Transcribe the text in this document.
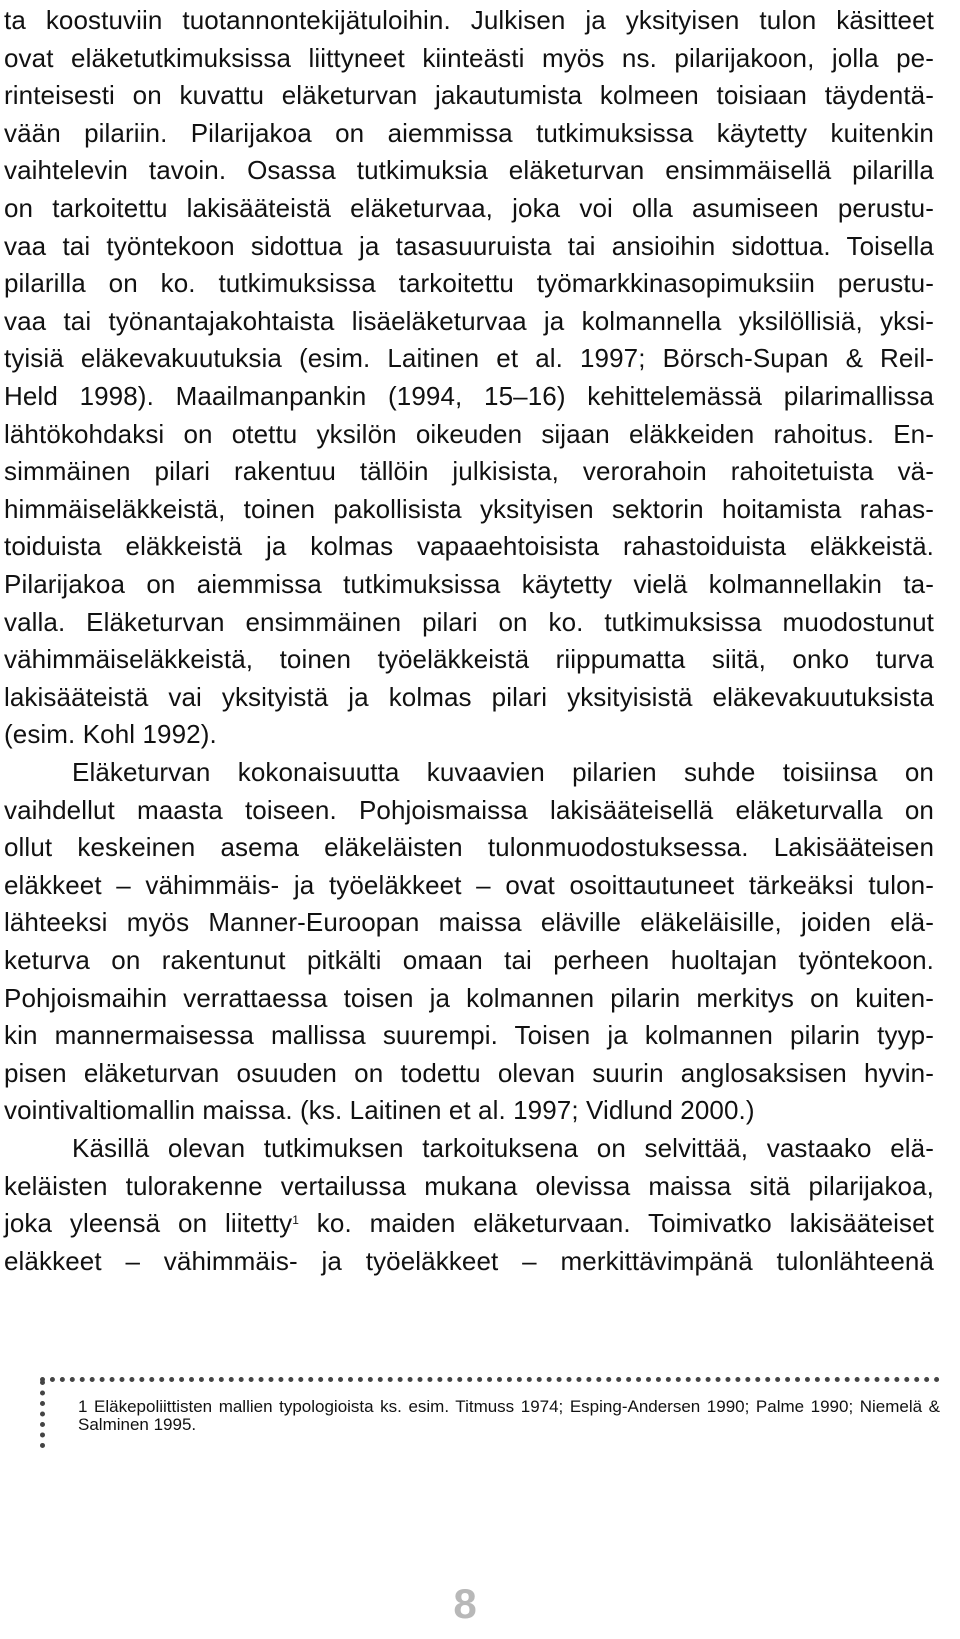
ta koostuviin tuotannontekijätuloihin. Julkisen ja yksityisen tulon käsitteet
ovat eläketutkimuksissa liittyneet kiinteästi myös ns. pilarijakoon, jolla pe-
rinteisesti on kuvattu eläketurvan jakautumista kolmeen toisiaan täydentä-
vään pilariin. Pilarijakoa on aiemmissa tutkimuksissa käytetty kuitenkin
vaihtelevin tavoin. Osassa tutkimuksia eläketurvan ensimmäisellä pilarilla
on tarkoitettu lakisääteistä eläketurvaa, joka voi olla asumiseen perustu-
vaa tai työntekoon sidottua ja tasasuuruista tai ansioihin sidottua. Toisella
pilarilla on ko. tutkimuksissa tarkoitettu työmarkkinasopimuksiin perustu-
vaa tai työnantajakohtaista lisäeläketurvaa ja kolmannella yksilöllisiä, yksi-
tyisiä eläkevakuutuksia (esim. Laitinen et al. 1997; Börsch-Supan & Reil-
Held 1998). Maailmanpankin (1994, 15–16) kehittelemässä pilarimallissa
lähtökohdaksi on otettu yksilön oikeuden sijaan eläkkeiden rahoitus. En-
simmäinen pilari rakentuu tällöin julkisista, verorahoin rahoitetuista vä-
himmäiseläkkeistä, toinen pakollisista yksityisen sektorin hoitamista rahas-
toiduista eläkkeistä ja kolmas vapaaehtoisista rahastoiduista eläkkeistä.
Pilarijakoa on aiemmissa tutkimuksissa käytetty vielä kolmannellakin ta-
valla. Eläketurvan ensimmäinen pilari on ko. tutkimuksissa muodostunut
vähimmäiseläkkeistä, toinen työeläkkeistä riippumatta siitä, onko turva
lakisääteistä vai yksityistä ja kolmas pilari yksityisistä eläkevakuutuksista
(esim. Kohl 1992).
Eläketurvan kokonaisuutta kuvaavien pilarien suhde toisiinsa on
vaihdellut maasta toiseen. Pohjoismaissa lakisääteisellä eläketurvalla on
ollut keskeinen asema eläkeläisten tulonmuodostuksessa. Lakisääteisen
eläkkeet – vähimmäis- ja työeläkkeet – ovat osoittautuneet tärkeäksi tulon-
lähteeksi myös Manner-Euroopan maissa eläville eläkeläisille, joiden elä-
keturva on rakentunut pitkälti omaan tai perheen huoltajan työntekoon.
Pohjoismaihin verrattaessa toisen ja kolmannen pilarin merkitys on kuiten-
kin mannermaisessa mallissa suurempi. Toisen ja kolmannen pilarin tyyp-
pisen eläketurvan osuuden on todettu olevan suurin anglosaksisen hyvin-
vointivaltiomallin maissa. (ks. Laitinen et al. 1997; Vidlund 2000.)
Käsillä olevan tutkimuksen tarkoituksena on selvittää, vastaako elä-
keläisten tulorakenne vertailussa mukana olevissa maissa sitä pilarijakoa,
joka yleensä on liitetty$^1$ ko. maiden eläketurvaan. Toimivatko lakisääteiset
eläkkeet – vähimmäis- ja työeläkkeet – merkittävimpänä tulonlähteenä
1 Eläkepoliittisten mallien typologioista ks. esim. Titmuss 1974; Esping-Andersen 1990; Palme 1990; Niemelä & Salminen 1995.
8
